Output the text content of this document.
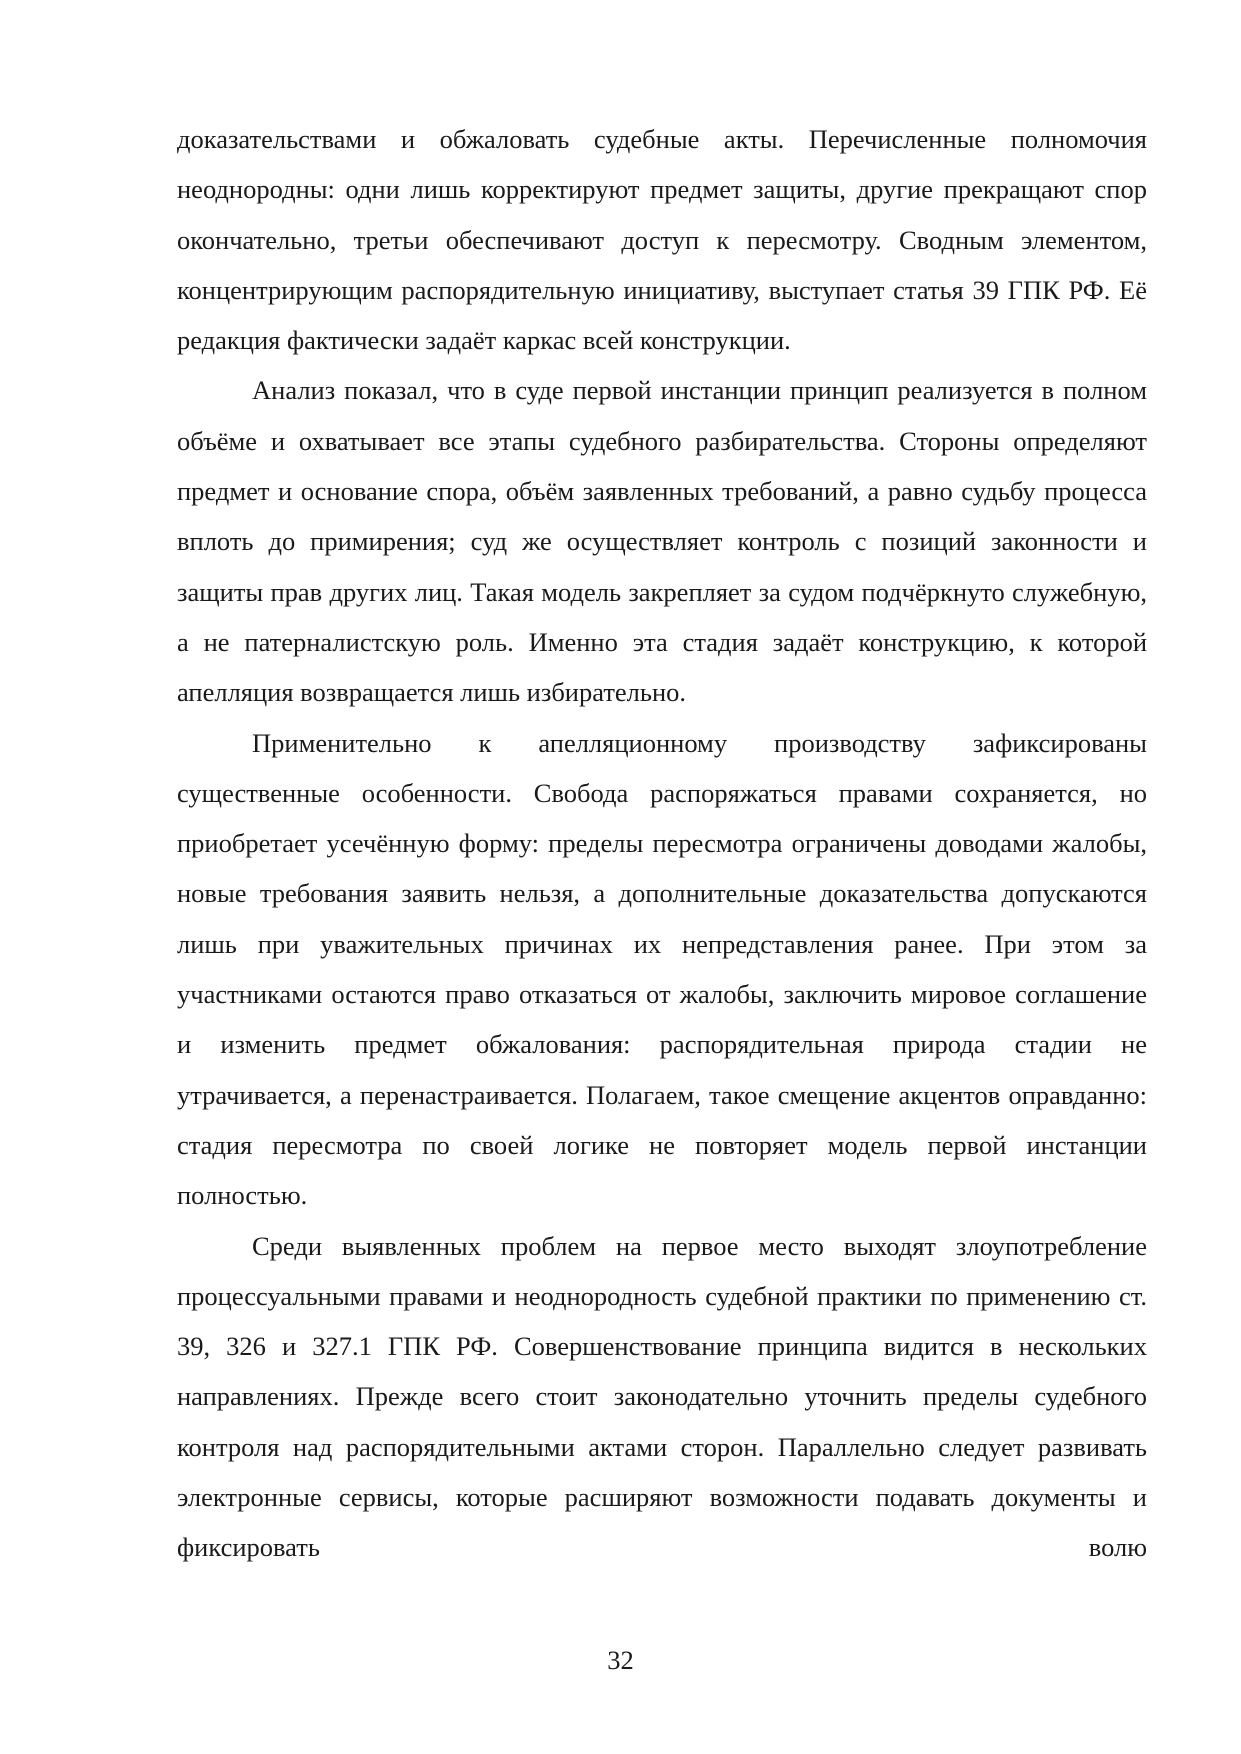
доказательствами и обжаловать судебные акты. Перечисленные полномочия неоднородны: одни лишь корректируют предмет защиты, другие прекращают спор окончательно, третьи обеспечивают доступ к пересмотру. Сводным элементом, концентрирующим распорядительную инициативу, выступает статья 39 ГПК РФ. Её редакция фактически задаёт каркас всей конструкции.

Анализ показал, что в суде первой инстанции принцип реализуется в полном объёме и охватывает все этапы судебного разбирательства. Стороны определяют предмет и основание спора, объём заявленных требований, а равно судьбу процесса вплоть до примирения; суд же осуществляет контроль с позиций законности и защиты прав других лиц. Такая модель закрепляет за судом подчёркнуто служебную, а не патерналистскую роль. Именно эта стадия задаёт конструкцию, к которой апелляция возвращается лишь избирательно.

Применительно к апелляционному производству зафиксированы существенные особенности. Свобода распоряжаться правами сохраняется, но приобретает усечённую форму: пределы пересмотра ограничены доводами жалобы, новые требования заявить нельзя, а дополнительные доказательства допускаются лишь при уважительных причинах их непредставления ранее. При этом за участниками остаются право отказаться от жалобы, заключить мировое соглашение и изменить предмет обжалования: распорядительная природа стадии не утрачивается, а перенастраивается. Полагаем, такое смещение акцентов оправданно: стадия пересмотра по своей логике не повторяет модель первой инстанции полностью.

Среди выявленных проблем на первое место выходят злоупотребление процессуальными правами и неоднородность судебной практики по применению ст. 39, 326 и 327.1 ГПК РФ. Совершенствование принципа видится в нескольких направлениях. Прежде всего стоит законодательно уточнить пределы судебного контроля над распорядительными актами сторон. Параллельно следует развивать электронные сервисы, которые расширяют возможности подавать документы и фиксировать волю

32
